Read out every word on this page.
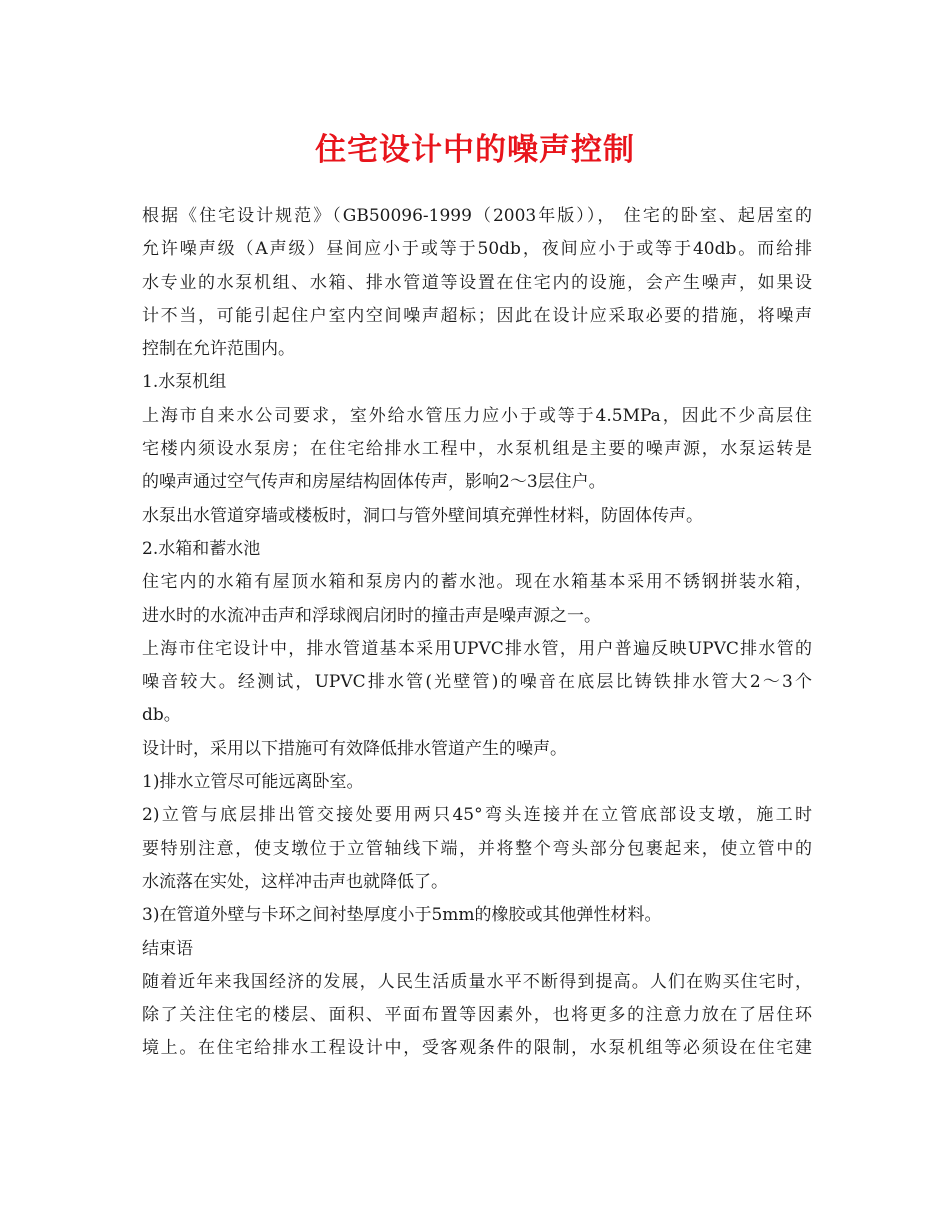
住宅设计中的噪声控制
根据《住宅设计规范》（GB50096-1999（2003年版））， 住宅的卧室、起居室的
允许噪声级（A声级）昼间应小于或等于50db，夜间应小于或等于40db。而给排
水专业的水泵机组、水箱、排水管道等设置在住宅内的设施，会产生噪声，如果设
计不当，可能引起住户室内空间噪声超标；因此在设计应采取必要的措施，将噪声
控制在允许范围内。
1.水泵机组
上海市自来水公司要求，室外给水管压力应小于或等于4.5MPa，因此不少高层住
宅楼内须设水泵房；在住宅给排水工程中，水泵机组是主要的噪声源，水泵运转是
的噪声通过空气传声和房屋结构固体传声，影响2～3层住户。
水泵出水管道穿墙或楼板时，洞口与管外壁间填充弹性材料，防固体传声。
2.水箱和蓄水池
住宅内的水箱有屋顶水箱和泵房内的蓄水池。现在水箱基本采用不锈钢拼装水箱，
进水时的水流冲击声和浮球阀启闭时的撞击声是噪声源之一。
上海市住宅设计中，排水管道基本采用UPVC排水管，用户普遍反映UPVC排水管的
噪音较大。经测试，UPVC排水管(光壁管)的噪音在底层比铸铁排水管大2～3个
db。
设计时，采用以下措施可有效降低排水管道产生的噪声。
1)排水立管尽可能远离卧室。
2)立管与底层排出管交接处要用两只45°弯头连接并在立管底部设支墩，施工时
要特别注意，使支墩位于立管轴线下端，并将整个弯头部分包裹起来，使立管中的
水流落在实处，这样冲击声也就降低了。
3)在管道外壁与卡环之间衬垫厚度小于5mm的橡胶或其他弹性材料。
结束语
随着近年来我国经济的发展，人民生活质量水平不断得到提高。人们在购买住宅时，
除了关注住宅的楼层、面积、平面布置等因素外，也将更多的注意力放在了居住环
境上。在住宅给排水工程设计中，受客观条件的限制，水泵机组等必须设在住宅建
